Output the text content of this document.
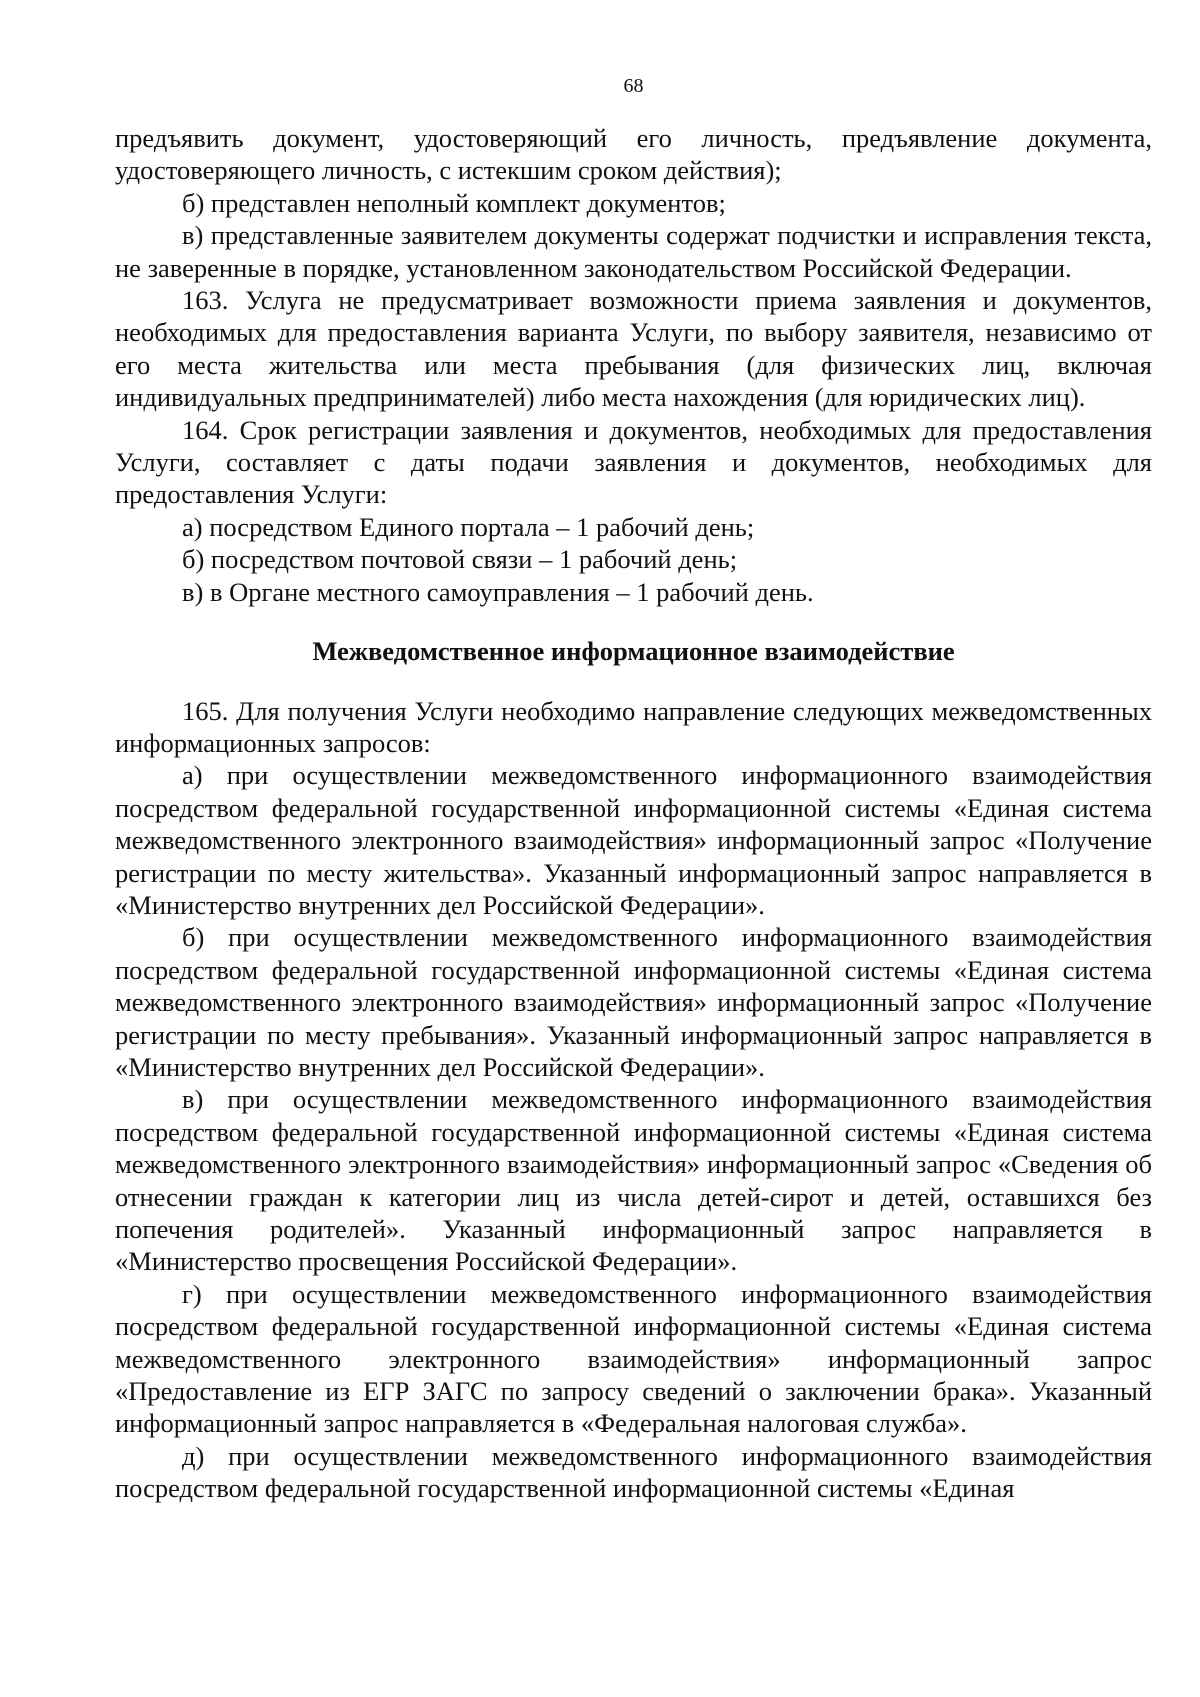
68

предъявить документ, удостоверяющий его личность, предъявление документа, удостоверяющего личность, с истекшим сроком действия);

б) представлен неполный комплект документов;

в) представленные заявителем документы содержат подчистки и исправления текста, не заверенные в порядке, установленном законодательством Российской Федерации.

163. Услуга не предусматривает возможности приема заявления и документов, необходимых для предоставления варианта Услуги, по выбору заявителя, независимо от его места жительства или места пребывания (для физических лиц, включая индивидуальных предпринимателей) либо места нахождения (для юридических лиц).

164. Срок регистрации заявления и документов, необходимых для предоставления Услуги, составляет с даты подачи заявления и документов, необходимых для предоставления Услуги:

а) посредством Единого портала – 1 рабочий день;

б) посредством почтовой связи – 1 рабочий день;

в) в Органе местного самоуправления – 1 рабочий день.

Межведомственное информационное взаимодействие

165. Для получения Услуги необходимо направление следующих межведомственных информационных запросов:

а) при осуществлении межведомственного информационного взаимодействия посредством федеральной государственной информационной системы «Единая система межведомственного электронного взаимодействия» информационный запрос «Получение регистрации по месту жительства». Указанный информационный запрос направляется в «Министерство внутренних дел Российской Федерации».

б) при осуществлении межведомственного информационного взаимодействия посредством федеральной государственной информационной системы «Единая система межведомственного электронного взаимодействия» информационный запрос «Получение регистрации по месту пребывания». Указанный информационный запрос направляется в «Министерство внутренних дел Российской Федерации».

в) при осуществлении межведомственного информационного взаимодействия посредством федеральной государственной информационной системы «Единая система межведомственного электронного взаимодействия» информационный запрос «Сведения об отнесении граждан к категории лиц из числа детей-сирот и детей, оставшихся без попечения родителей». Указанный информационный запрос направляется в «Министерство просвещения Российской Федерации».

г) при осуществлении межведомственного информационного взаимодействия посредством федеральной государственной информационной системы «Единая система межведомственного электронного взаимодействия» информационный запрос «Предоставление из ЕГР ЗАГС по запросу сведений о заключении брака». Указанный информационный запрос направляется в «Федеральная налоговая служба».

д) при осуществлении межведомственного информационного взаимодействия посредством федеральной государственной информационной системы «Единая
